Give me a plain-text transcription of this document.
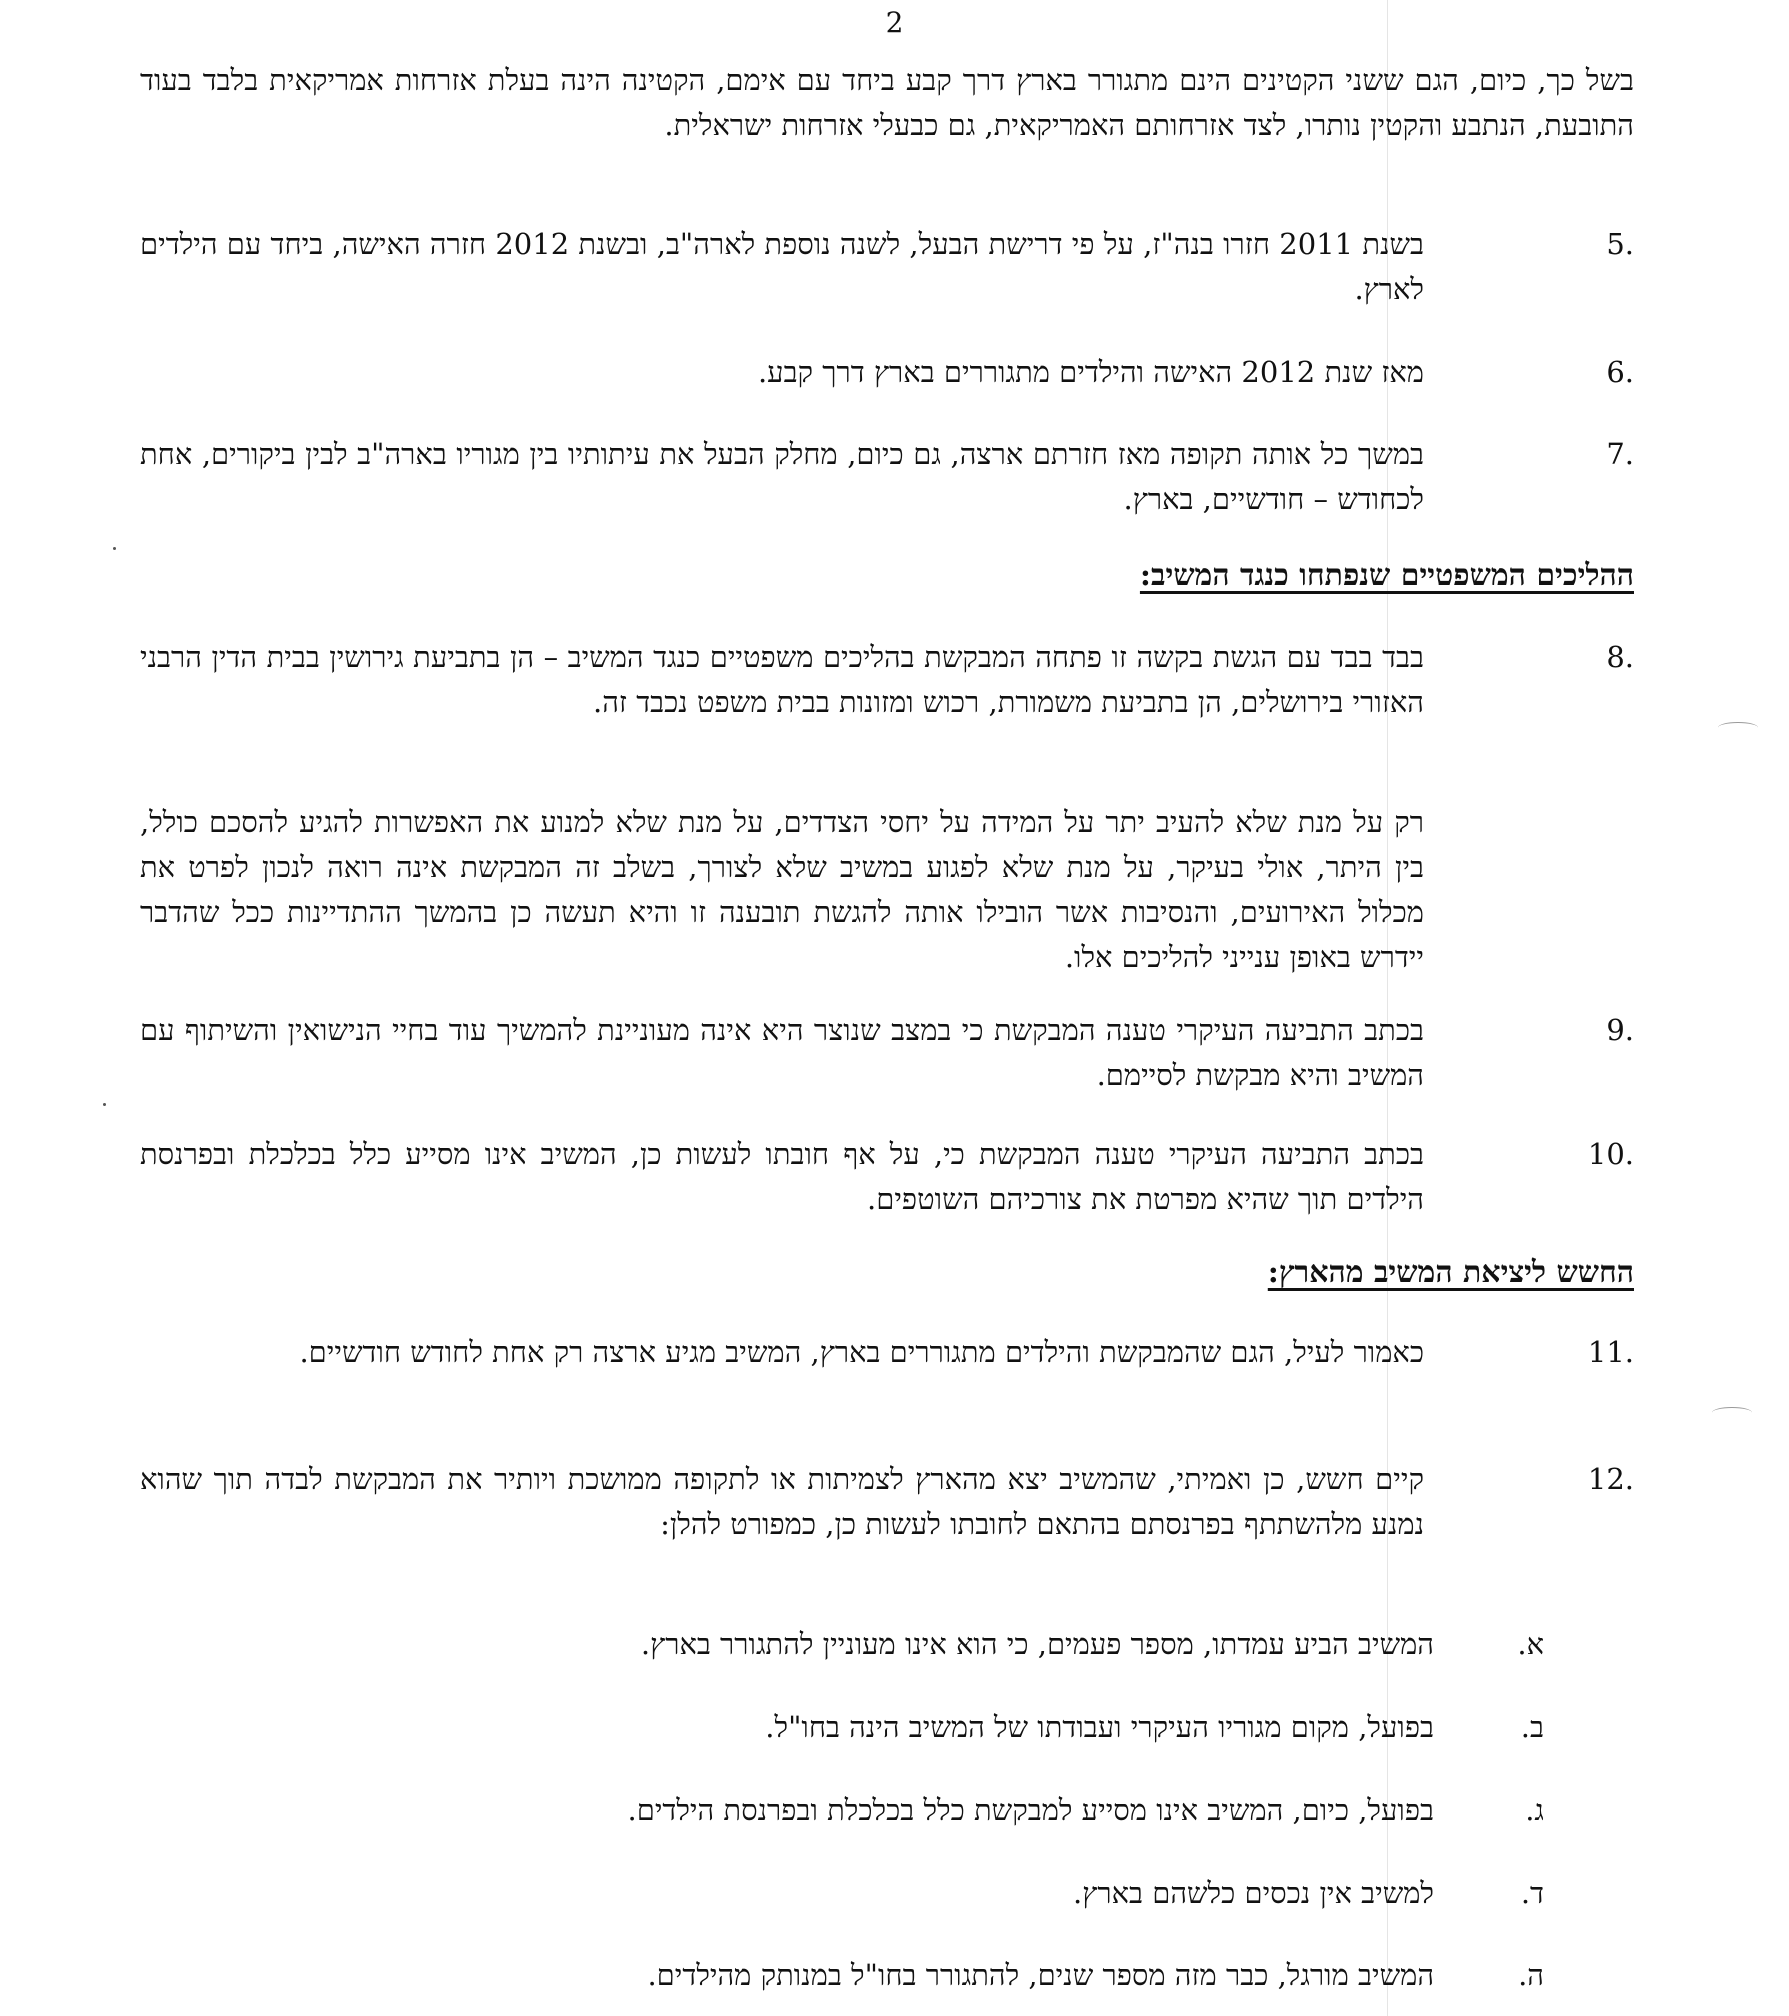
2
בשל כך, כיום, הגם ששני הקטינים הינם מתגורר בארץ דרך קבע ביחד עם אימם, הקטינה הינה בעלת אזרחות אמריקאית בלבד בעוד התובעת, הנתבע והקטין נותרו, לצד אזרחותם האמריקאית, גם כבעלי אזרחות ישראלית.
.5
בשנת 2011 חזרו בנה"ז, על פי דרישת הבעל, לשנה נוספת לארה"ב, ובשנת 2012 חזרה האישה, ביחד עם הילדים לארץ.
.6
מאז שנת 2012 האישה והילדים מתגוררים בארץ דרך קבע.
.7
במשך כל אותה תקופה מאז חזרתם ארצה, גם כיום, מחלק הבעל את עיתותיו בין מגוריו בארה"ב לבין ביקורים, אחת לכחודש – חודשיים, בארץ.
ההליכים המשפטיים שנפתחו כנגד המשיב:
.8
בבד בבד עם הגשת בקשה זו פתחה המבקשת בהליכים משפטיים כנגד המשיב – הן בתביעת גירושין בבית הדין הרבני האזורי בירושלים, הן בתביעת משמורת, רכוש ומזונות בבית משפט נכבד זה.
רק על מנת שלא להעיב יתר על המידה על יחסי הצדדים, על מנת שלא למנוע את האפשרות להגיע להסכם כולל, בין היתר, אולי בעיקר, על מנת שלא לפגוע במשיב שלא לצורך, בשלב זה המבקשת אינה רואה לנכון לפרט את מכלול האירועים, והנסיבות אשר הובילו אותה להגשת תובענה זו והיא תעשה כן בהמשך ההתדיינות ככל שהדבר יידרש באופן ענייני להליכים אלו.
.9
בכתב התביעה העיקרי טענה המבקשת כי במצב שנוצר היא אינה מעוניינת להמשיך עוד בחיי הנישואין והשיתוף עם המשיב והיא מבקשת לסיימם.
.10
בכתב התביעה העיקרי טענה המבקשת כי, על אף חובתו לעשות כן, המשיב אינו מסייע כלל בכלכלת ובפרנסת הילדים תוך שהיא מפרטת את צורכיהם השוטפים.
החשש ליציאת המשיב מהארץ:
.11
כאמור לעיל, הגם שהמבקשת והילדים מתגוררים בארץ, המשיב מגיע ארצה רק אחת לחודש חודשיים.
.12
קיים חשש, כן ואמיתי, שהמשיב יצא מהארץ לצמיתות או לתקופה ממושכת ויותיר את המבקשת לבדה תוך שהוא נמנע מלהשתתף בפרנסתם בהתאם לחובתו לעשות כן, כמפורט להלן:
א.
המשיב הביע עמדתו, מספר פעמים, כי הוא אינו מעוניין להתגורר בארץ.
ב.
בפועל, מקום מגוריו העיקרי ועבודתו של המשיב הינה בחו"ל.
ג.
בפועל, כיום, המשיב אינו מסייע למבקשת כלל בכלכלת ובפרנסת הילדים.
ד.
למשיב אין נכסים כלשהם בארץ.
ה.
המשיב מורגל, כבר מזה מספר שנים, להתגורר בחו"ל במנותק מהילדים.
